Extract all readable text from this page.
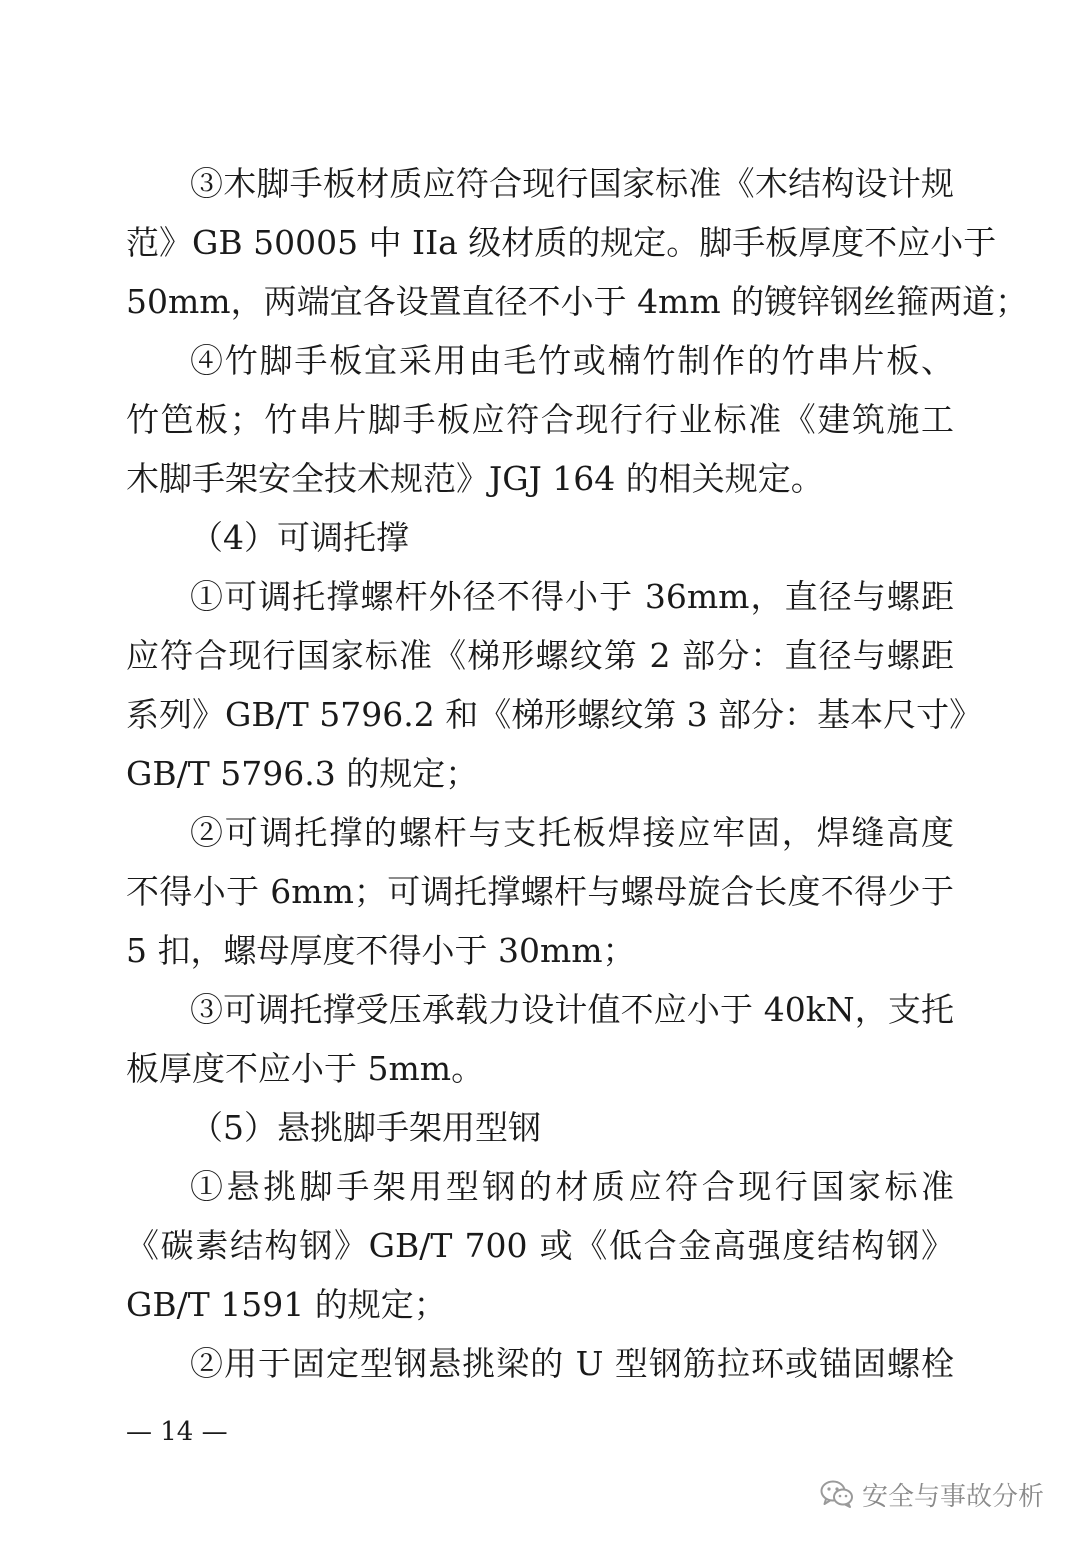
③木脚手板材质应符合现行国家标准《木结构设计规
范》GB 50005 中 IIa 级材质的规定。脚手板厚度不应小于
50mm，两端宜各设置直径不小于 4mm 的镀锌钢丝箍两道；
④竹脚手板宜采用由毛竹或楠竹制作的竹串片板、
竹笆板；竹串片脚手板应符合现行行业标准《建筑施工
木脚手架安全技术规范》JGJ 164 的相关规定。
（4）可调托撑
①可调托撑螺杆外径不得小于 36mm，直径与螺距
应符合现行国家标准《梯形螺纹第 2 部分：直径与螺距
系列》GB/T 5796.2 和《梯形螺纹第 3 部分：基本尺寸》
GB/T 5796.3 的规定；
②可调托撑的螺杆与支托板焊接应牢固，焊缝高度
不得小于 6mm；可调托撑螺杆与螺母旋合长度不得少于
5 扣，螺母厚度不得小于 30mm；
③可调托撑受压承载力设计值不应小于 40kN，支托
板厚度不应小于 5mm。
（5）悬挑脚手架用型钢
①悬挑脚手架用型钢的材质应符合现行国家标准
《碳素结构钢》GB/T 700 或《低合金高强度结构钢》
GB/T 1591 的规定；
②用于固定型钢悬挑梁的 U 型钢筋拉环或锚固螺栓
— 14 —
安全与事故分析
